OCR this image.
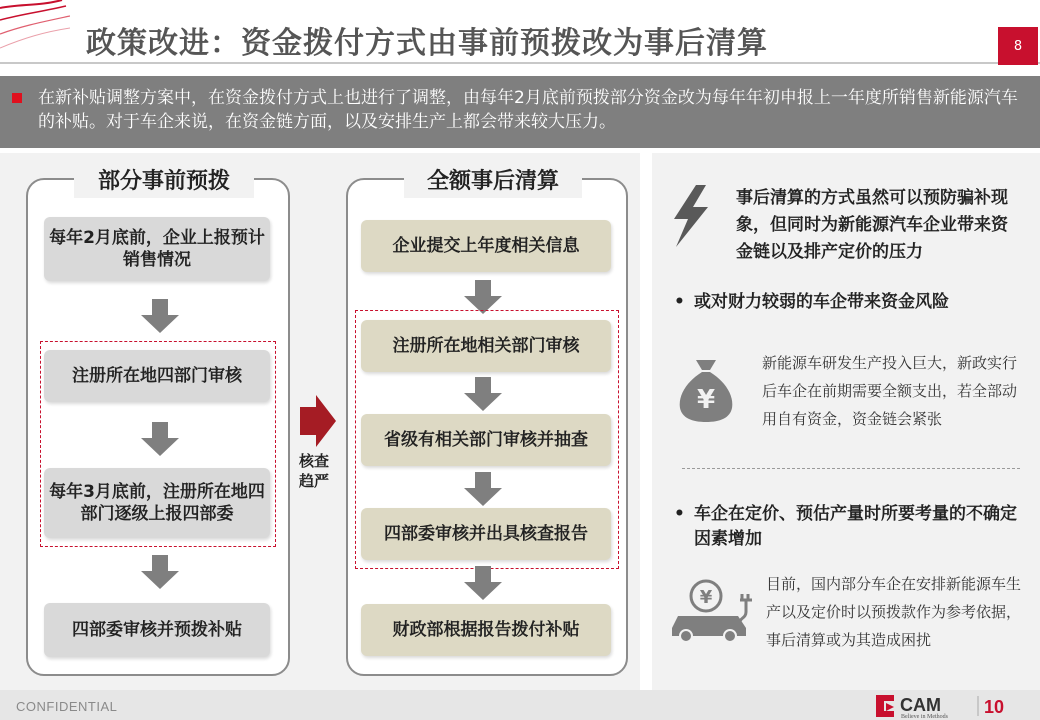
政策改进：资金拨付方式由事前预拨改为事后清算	8
在新补贴调整方案中，在资金拨付方式上也进行了调整，由每年2月底前预拨部分资金改为每年年初申报上一年度所销售新能源汽车的补贴。对于车企来说，在资金链方面，以及安排生产上都会带来较大压力。
部分事前预拨
每年2月底前，企业上报预计销售情况
注册所在地四部门审核
每年3月底前，注册所在地四部门逐级上报四部委
四部委审核并预拨补贴
核查趋严
全额事后清算
企业提交上年度相关信息
注册所在地相关部门审核
省级有相关部门审核并抽查
四部委审核并出具核查报告
财政部根据报告拨付补贴
事后清算的方式虽然可以预防骗补现象，但同时为新能源汽车企业带来资金链以及排产定价的压力
• 或对财力较弱的车企带来资金风险
¥
新能源车研发生产投入巨大，新政实行后车企在前期需要全额支出，若全部动用自有资金，资金链会紧张
• 车企在定价、预估产量时所要考量的不确定因素增加
¥
目前，国内部分车企在安排新能源车生产以及定价时以预拨款作为参考依据，事后清算或为其造成困扰
CONFIDENTIAL	CAM
Believe in Methods 10
